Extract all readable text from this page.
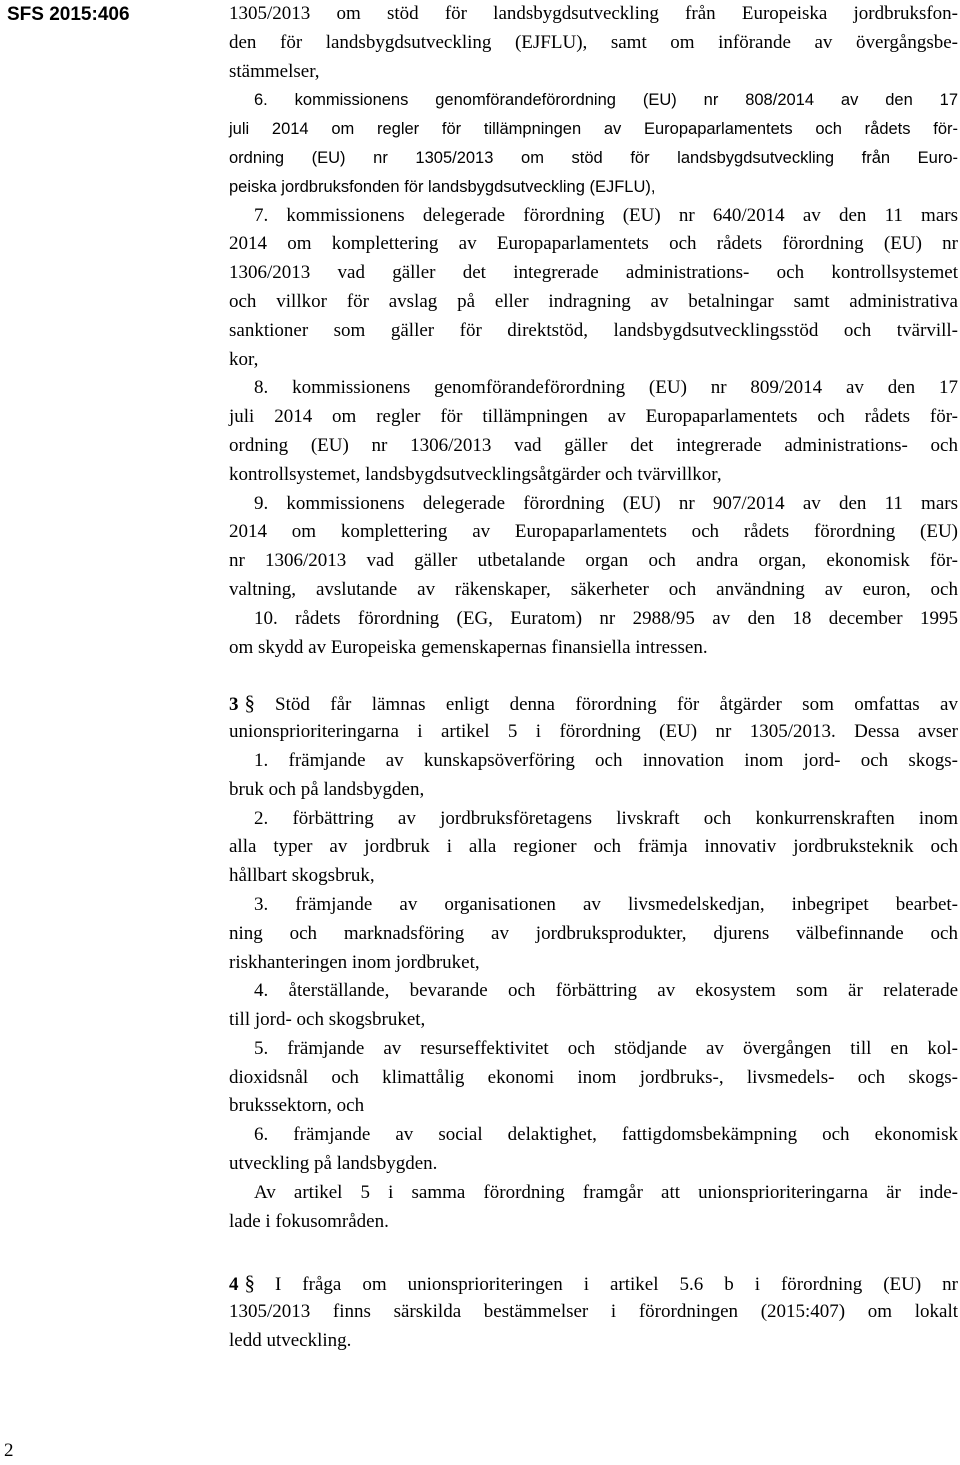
SFS 2015:406	1305/2013 om stöd för landsbygdsutveckling från Europeiska jordbruksfon-
den för landsbygdsutveckling (EJFLU), samt om införande av övergångsbe-
stämmelser,
6. kommissionens genomförandeförordning (EU) nr 808/2014 av den 17
juli 2014 om regler för tillämpningen av Europaparlamentets och rådets för-
ordning (EU) nr 1305/2013 om stöd för landsbygdsutveckling från Euro-
peiska jordbruksfonden för landsbygdsutveckling (EJFLU),
7. kommissionens delegerade förordning (EU) nr 640/2014 av den 11 mars
2014 om komplettering av Europaparlamentets och rådets förordning (EU) nr
1306/2013 vad gäller det integrerade administrations- och kontrollsystemet
och villkor för avslag på eller indragning av betalningar samt administrativa
sanktioner som gäller för direktstöd, landsbygdsutvecklingsstöd och tvärvill-
kor,
8. kommissionens genomförandeförordning (EU) nr 809/2014 av den 17
juli 2014 om regler för tillämpningen av Europaparlamentets och rådets för-
ordning (EU) nr 1306/2013 vad gäller det integrerade administrations- och
kontrollsystemet, landsbygdsutvecklingsåtgärder och tvärvillkor,
9. kommissionens delegerade förordning (EU) nr 907/2014 av den 11 mars
2014 om komplettering av Europaparlamentets och rådets förordning (EU)
nr 1306/2013 vad gäller utbetalande organ och andra organ, ekonomisk för-
valtning, avslutande av räkenskaper, säkerheter och användning av euron, och
10. rådets förordning (EG, Euratom) nr 2988/95 av den 18 december 1995
om skydd av Europeiska gemenskapernas finansiella intressen.
3 § Stöd får lämnas enligt denna förordning för åtgärder som omfattas av
unionsprioriteringarna i artikel 5 i förordning (EU) nr 1305/2013. Dessa avser
1. främjande av kunskapsöverföring och innovation inom jord- och skogs-
bruk och på landsbygden,
2. förbättring av jordbruksföretagens livskraft och konkurrenskraften inom
alla typer av jordbruk i alla regioner och främja innovativ jordbruksteknik och
hållbart skogsbruk,
3. främjande av organisationen av livsmedelskedjan, inbegripet bearbet-
ning och marknadsföring av jordbruksprodukter, djurens välbefinnande och
riskhanteringen inom jordbruket,
4. återställande, bevarande och förbättring av ekosystem som är relaterade
till jord- och skogsbruket,
5. främjande av resurseffektivitet och stödjande av övergången till en kol-
dioxidsnål och klimattålig ekonomi inom jordbruks-, livsmedels- och skogs-
brukssektorn, och
6. främjande av social delaktighet, fattigdomsbekämpning och ekonomisk
utveckling på landsbygden.
Av artikel 5 i samma förordning framgår att unionsprioriteringarna är inde-
lade i fokusområden.
4 § I fråga om unionsprioriteringen i artikel 5.6 b i förordning (EU) nr
1305/2013 finns särskilda bestämmelser i förordningen (2015:407) om lokalt
ledd utveckling.
2
